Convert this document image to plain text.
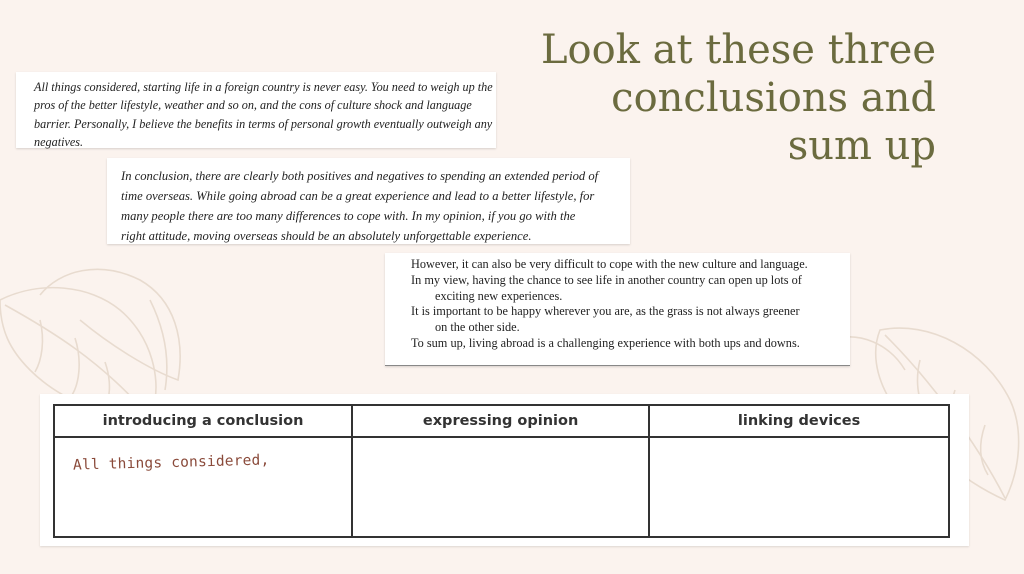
Look at these three
conclusions and
sum up

All things considered, starting life in a foreign country is never easy. You need to weigh up the

pros of the better lifestyle, weather and so on, and the cons of culture shock and language

barrier. Personally, I believe the benefits in terms of personal growth eventually outweigh any

negatives.

In conclusion, there are clearly both positives and negatives to spending an extended period of

time overseas. While going abroad can be a great experience and lead to a better lifestyle, for

many people there are too many differences to cope with. In my opinion, if you go with the

right attitude, moving overseas should be an absolutely unforgettable experience.

However, it can also be very difficult to cope with the new culture and language.
In my view, having the chance to see life in another country can open up lots of
exciting new experiences.
It is important to be happy wherever you are, as the grass is not always greener
on the other side.
To sum up, living abroad is a challenging experience with both ups and downs.
introducing a conclusion	expressing opinion	linking devices
All things considered,		
